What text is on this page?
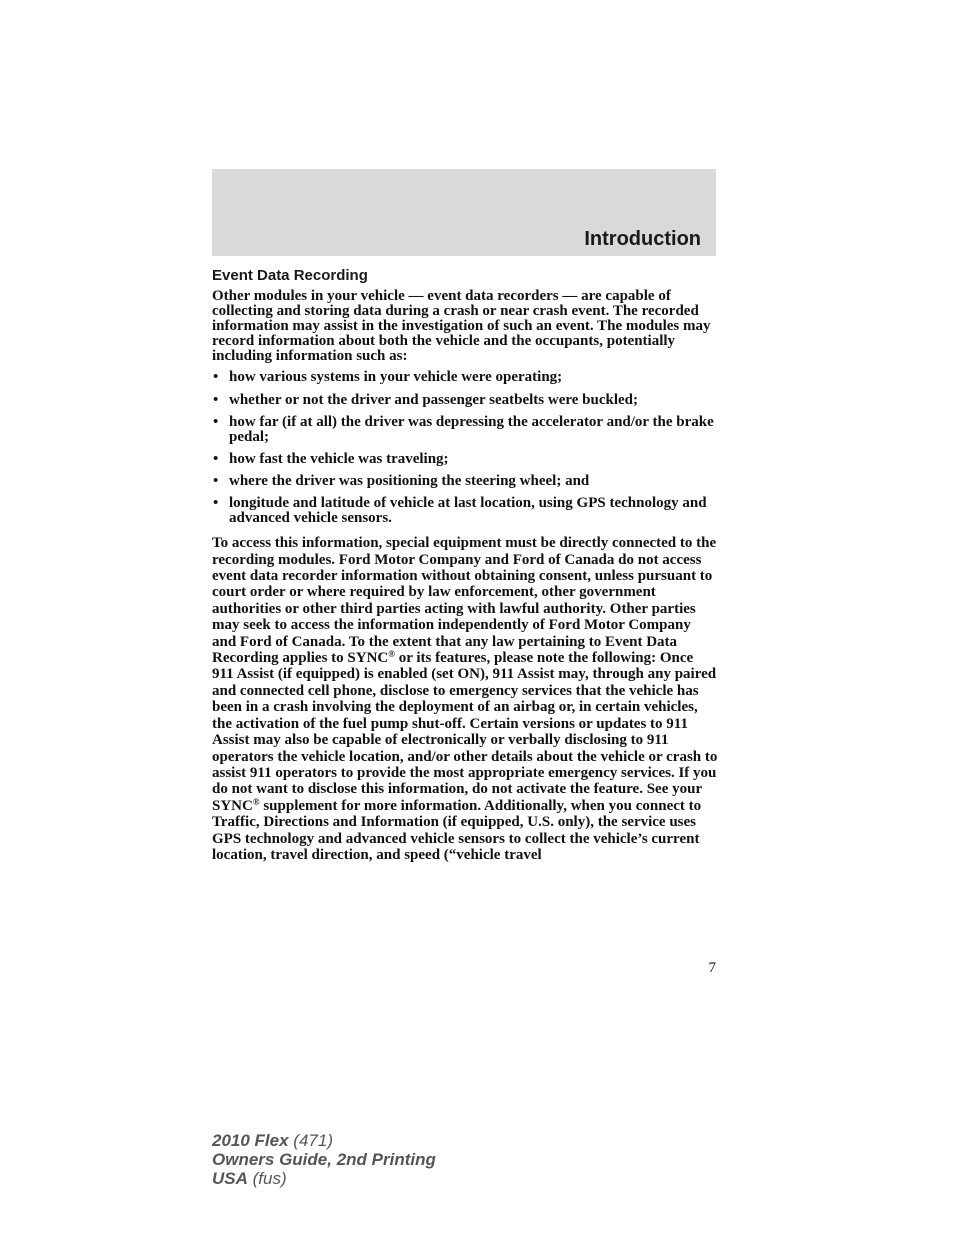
Introduction
Event Data Recording

Other modules in your vehicle — event data recorders — are capable of collecting and storing data during a crash or near crash event. The recorded information may assist in the investigation of such an event. The modules may record information about both the vehicle and the occupants, potentially including information such as:

• how various systems in your vehicle were operating;
• whether or not the driver and passenger seatbelts were buckled;
• how far (if at all) the driver was depressing the accelerator and/or the brake pedal;
• how fast the vehicle was traveling;
• where the driver was positioning the steering wheel; and
• longitude and latitude of vehicle at last location, using GPS technology and advanced vehicle sensors.

To access this information, special equipment must be directly connected to the recording modules. Ford Motor Company and Ford of Canada do not access event data recorder information without obtaining consent, unless pursuant to court order or where required by law enforcement, other government authorities or other third parties acting with lawful authority. Other parties may seek to access the information independently of Ford Motor Company and Ford of Canada. To the extent that any law pertaining to Event Data Recording applies to SYNC® or its features, please note the following: Once 911 Assist (if equipped) is enabled (set ON), 911 Assist may, through any paired and connected cell phone, disclose to emergency services that the vehicle has been in a crash involving the deployment of an airbag or, in certain vehicles, the activation of the fuel pump shut-off. Certain versions or updates to 911 Assist may also be capable of electronically or verbally disclosing to 911 operators the vehicle location, and/or other details about the vehicle or crash to assist 911 operators to provide the most appropriate emergency services. If you do not want to disclose this information, do not activate the feature. See your SYNC® supplement for more information. Additionally, when you connect to Traffic, Directions and Information (if equipped, U.S. only), the service uses GPS technology and advanced vehicle sensors to collect the vehicle’s current location, travel direction, and speed (“vehicle travel

7
2010 Flex (471)
Owners Guide, 2nd Printing
USA (fus)
